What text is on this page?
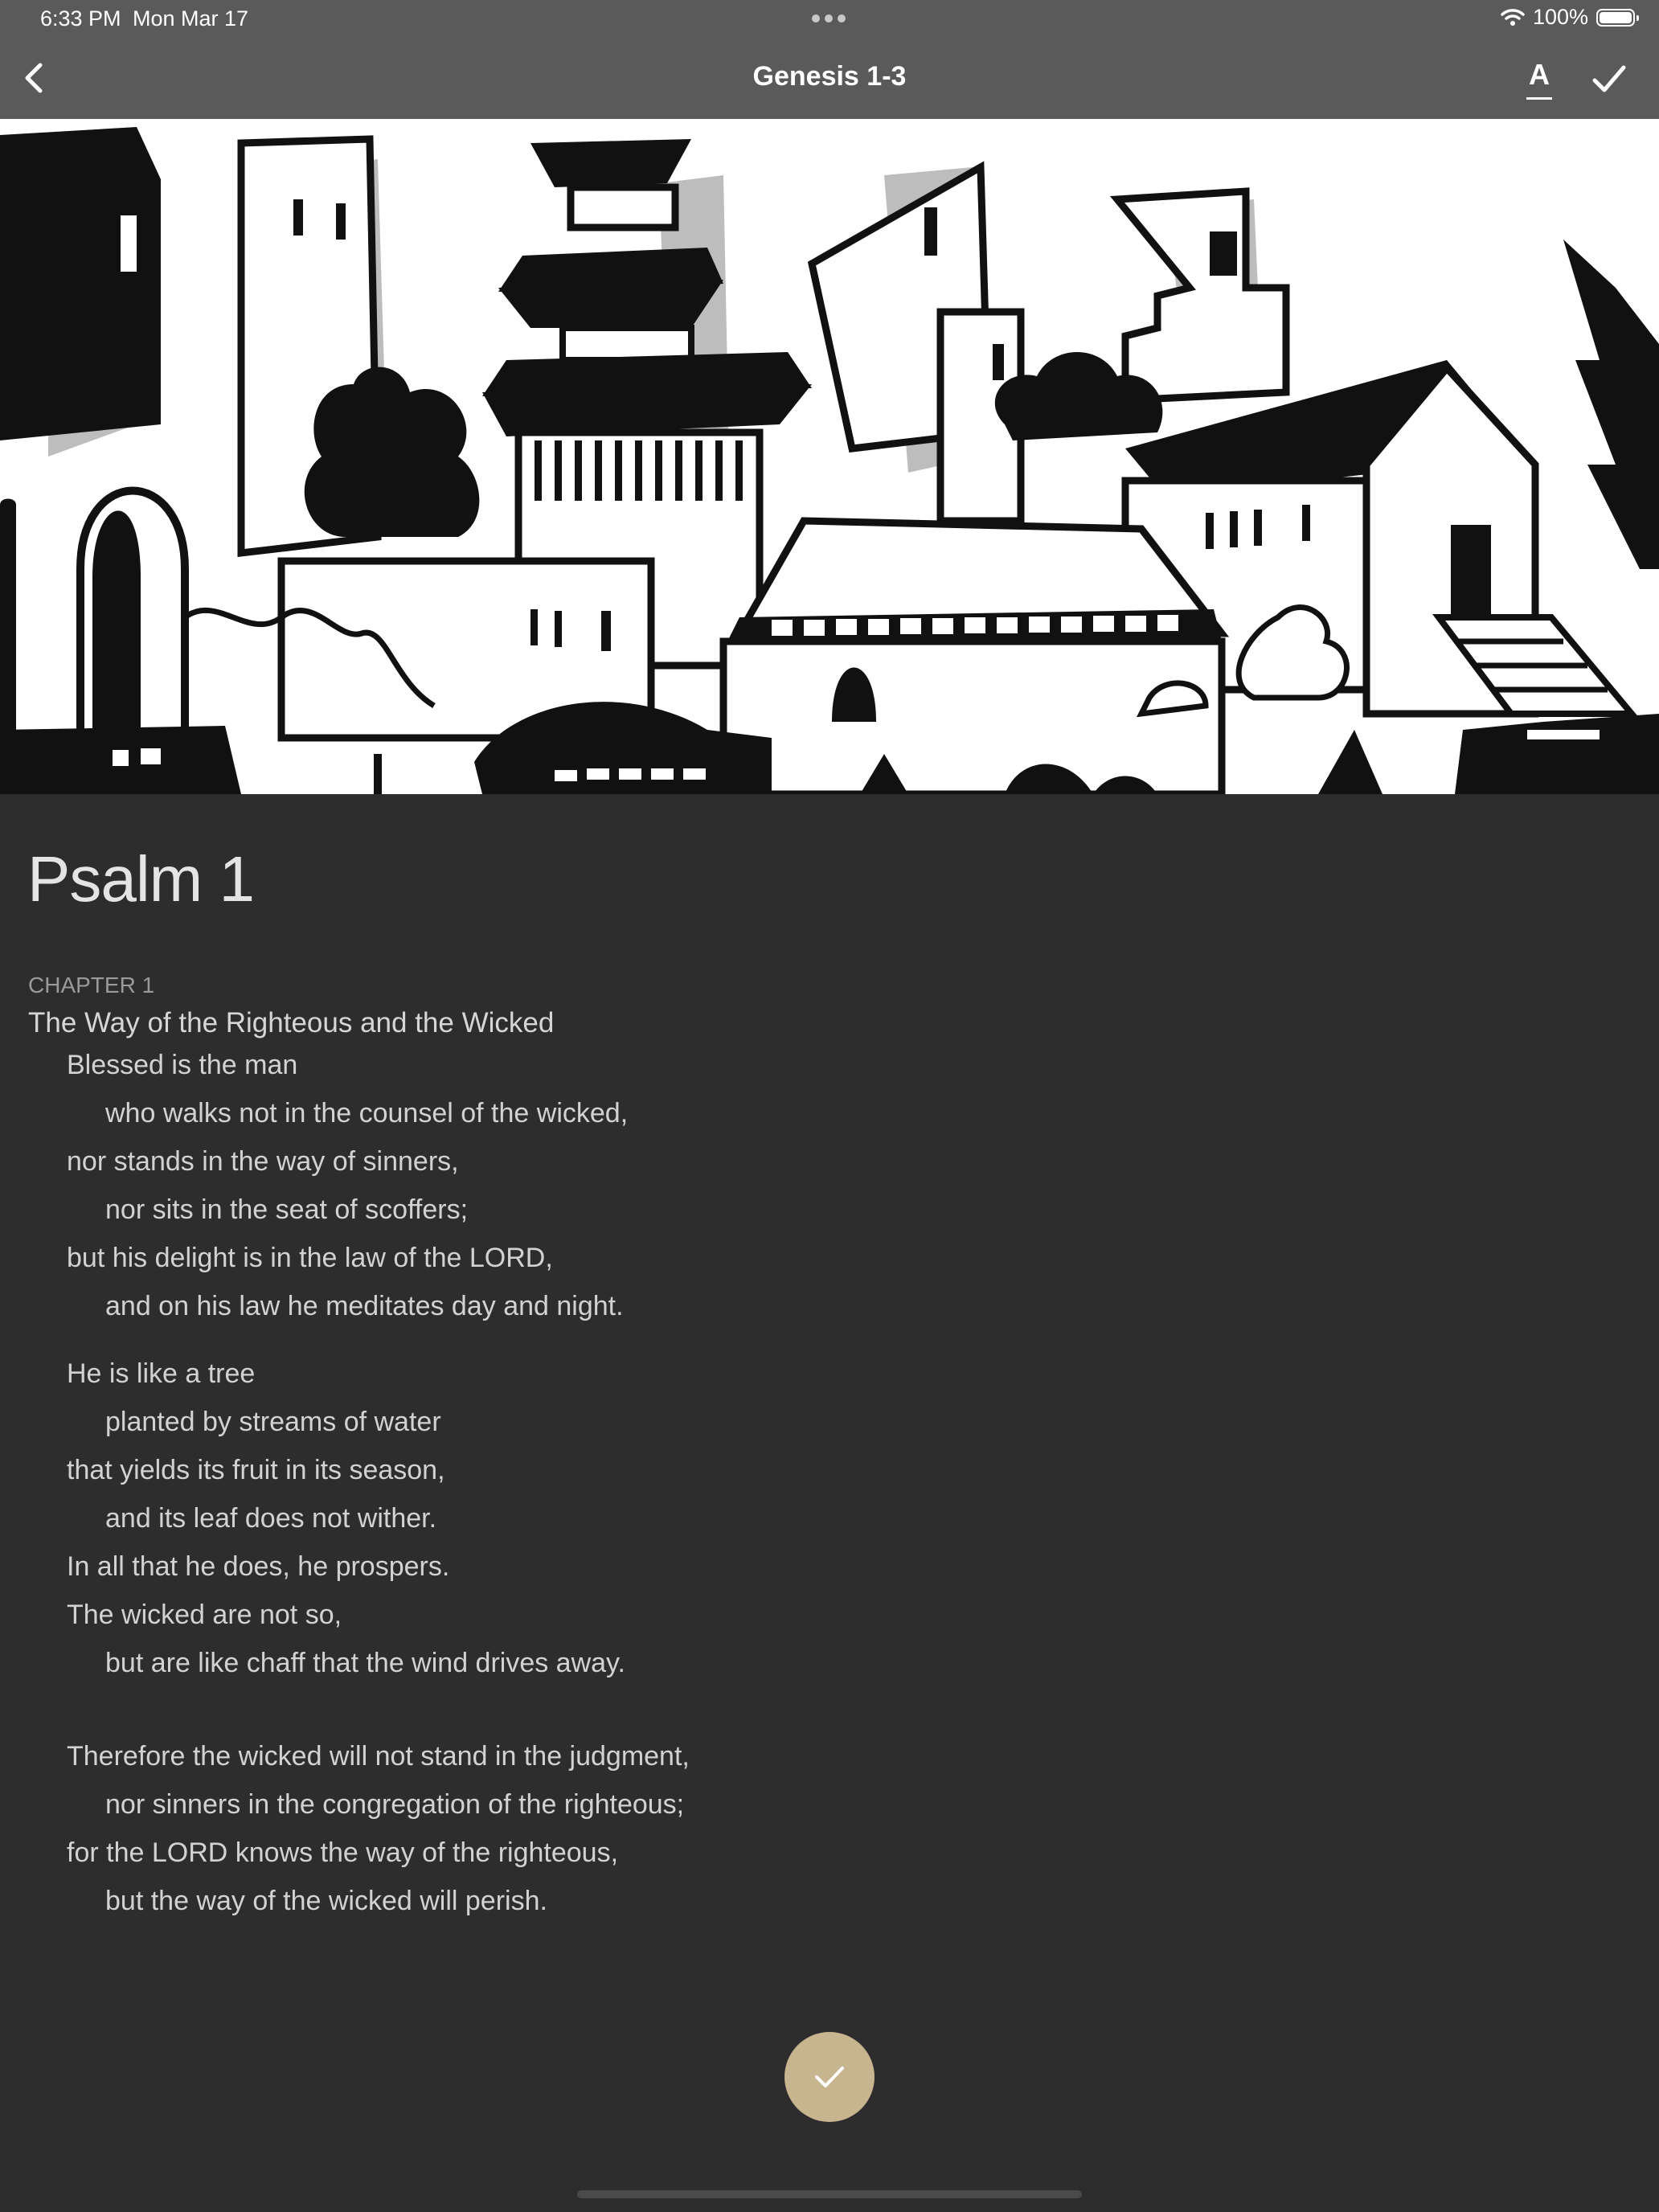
6:33 PM Mon Mar 17	100%
Genesis 1-3	A
Psalm 1
CHAPTER 1
The Way of the Righteous and the Wicked
Blessed is the man
who walks not in the counsel of the wicked,
nor stands in the way of sinners,
nor sits in the seat of scoffers;
but his delight is in the law of the LORD,
and on his law he meditates day and night.
He is like a tree
planted by streams of water
that yields its fruit in its season,
and its leaf does not wither.
In all that he does, he prospers.
The wicked are not so,
but are like chaff that the wind drives away.
Therefore the wicked will not stand in the judgment,
nor sinners in the congregation of the righteous;
for the LORD knows the way of the righteous,
but the way of the wicked will perish.
